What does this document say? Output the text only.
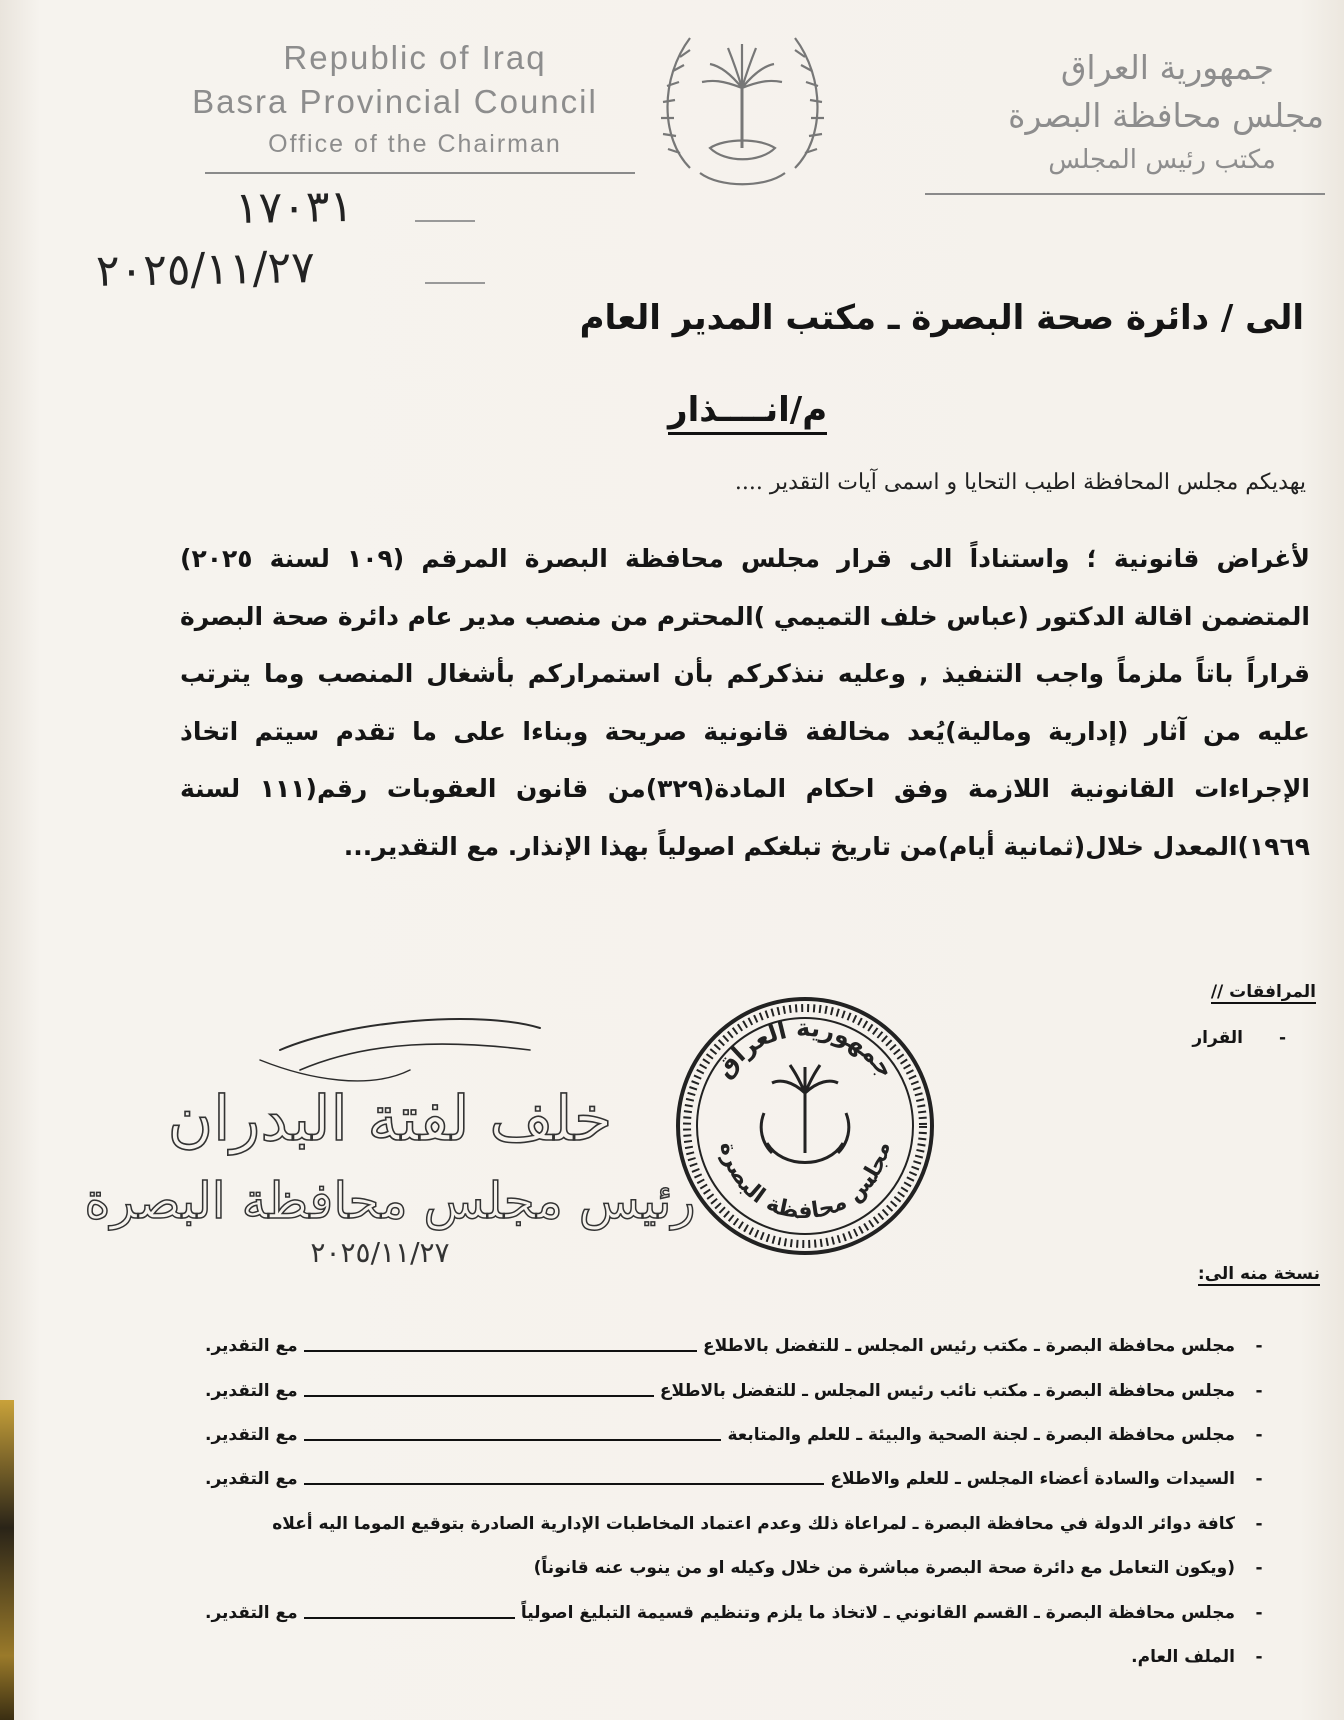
Republic of Iraq
Basra Provincial Council
Office of the Chairman
جمهورية العراق
مجلس محافظة البصرة
مكتب رئيس المجلس
١٧٠٣١
٢٠٢٥/١١/٢٧
الى / دائرة صحة البصرة ـ مكتب المدير العام
م/انــــذار
يهديكم مجلس المحافظة اطيب التحايا و اسمى آيات التقدير ....
لأغراض قانونية ؛ واستناداً الى قرار مجلس محافظة البصرة المرقم (١٠٩ لسنة ٢٠٢٥) المتضمن اقالة الدكتور (عباس خلف التميمي )المحترم من منصب مدير عام دائرة صحة البصرة قراراً باتاً ملزماً واجب التنفيذ , وعليه ننذكركم بأن استمراركم بأشغال المنصب وما يترتب عليه من آثار (إدارية ومالية)يُعد مخالفة قانونية صريحة وبناءا على ما تقدم سيتم اتخاذ الإجراءات القانونية اللازمة وفق احكام المادة(٣٢٩)من قانون العقوبات رقم(١١١ لسنة ١٩٦٩)المعدل خلال(ثمانية أيام)من تاريخ تبلغكم اصولياً بهذا الإنذار. مع التقدير...
المرافقات //
- القرار
خلف لفتة البدران
رئيس مجلس محافظة البصرة
٢٠٢٥/١١/٢٧
جمهورية العراق
مجلس محافظة البصرة
نسخة منه الى:
-
مجلس محافظة البصرة ـ مكتب رئيس المجلس ـ للتفضل بالاطلاع
مع التقدير.
-
مجلس محافظة البصرة ـ مكتب نائب رئيس المجلس ـ للتفضل بالاطلاع
مع التقدير.
-
مجلس محافظة البصرة ـ لجنة الصحية والبيئة ـ للعلم والمتابعة
مع التقدير.
-
السيدات والسادة أعضاء المجلس ـ للعلم والاطلاع
مع التقدير.
-
كافة دوائر الدولة في محافظة البصرة ـ لمراعاة ذلك وعدم اعتماد المخاطبات الإدارية الصادرة بتوقيع الموما اليه أعلاه
-
(ويكون التعامل مع دائرة صحة البصرة مباشرة من خلال وكيله او من ينوب عنه قانوناً)
-
مجلس محافظة البصرة ـ القسم القانوني ـ لاتخاذ ما يلزم وتنظيم قسيمة التبليغ اصولياً
مع التقدير.
-
الملف العام.
